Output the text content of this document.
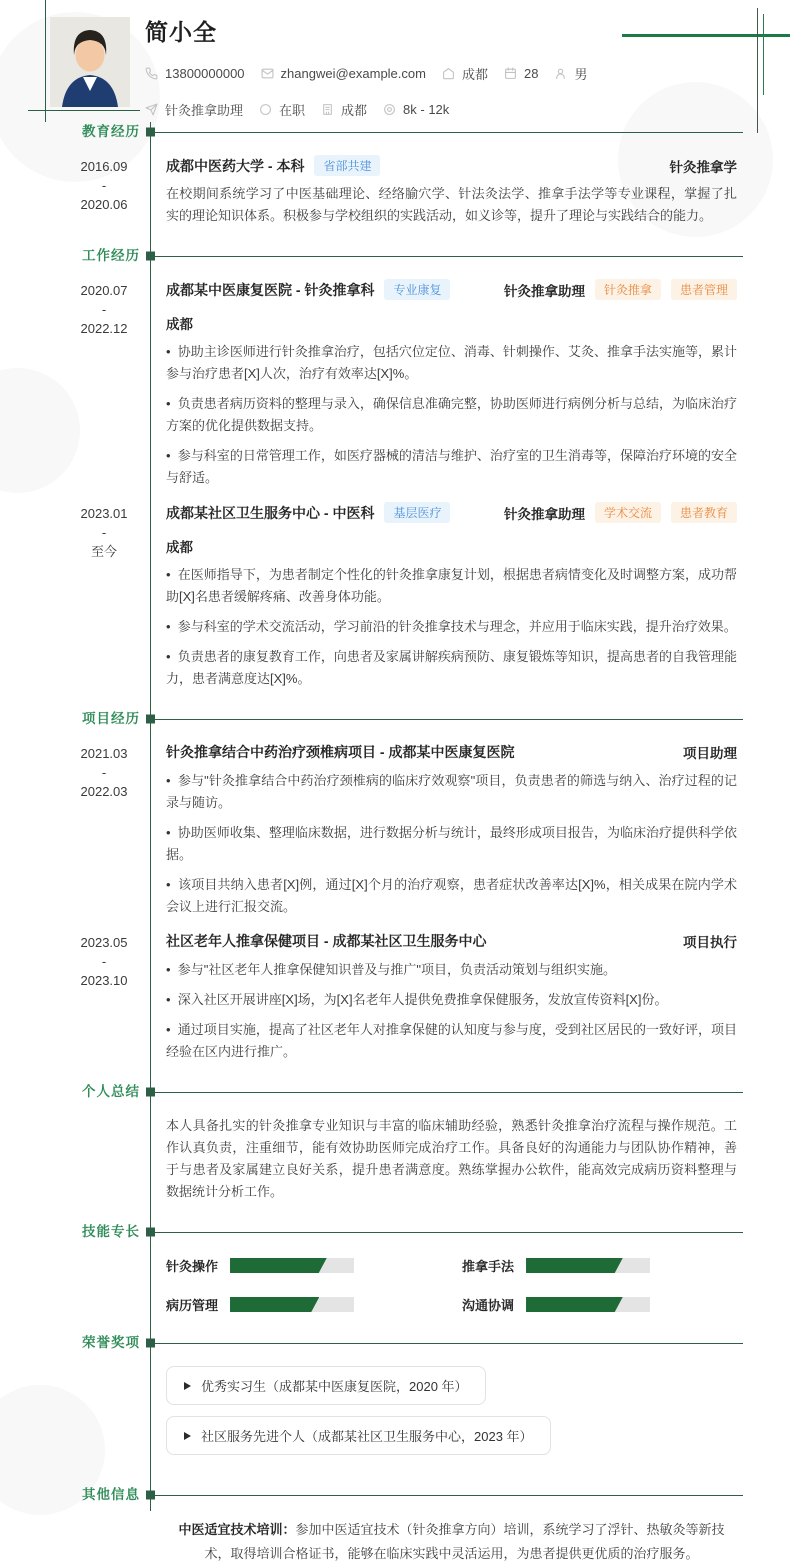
简小全
13800000000	zhangwei@example.com	成都	28	男
针灸推拿助理	在职	成都	8k - 12k
教育经历
2016.09
-
2020.06
成都中医药大学 - 本科	省部共建	针灸推拿学

在校期间系统学习了中医基础理论、经络腧穴学、针法灸法学、推拿手法学等专业课程，掌握了扎实的理论知识体系。积极参与学校组织的实践活动，如义诊等，提升了理论与实践结合的能力。

工作经历
2020.07
-
2022.12
成都某中医康复医院 - 针灸推拿科	专业康复	针灸推拿助理	针灸推拿	患者管理
成都

•  协助主诊医师进行针灸推拿治疗，包括穴位定位、消毒、针刺操作、艾灸、推拿手法实施等，累计参与治疗患者[X]人次，治疗有效率达[X]%。

•  负责患者病历资料的整理与录入，确保信息准确完整，协助医师进行病例分析与总结，为临床治疗方案的优化提供数据支持。

•  参与科室的日常管理工作，如医疗器械的清洁与维护、治疗室的卫生消毒等，保障治疗环境的安全与舒适。

2023.01
-
至今
成都某社区卫生服务中心 - 中医科	基层医疗	针灸推拿助理	学术交流	患者教育
成都

•  在医师指导下，为患者制定个性化的针灸推拿康复计划，根据患者病情变化及时调整方案，成功帮助[X]名患者缓解疼痛、改善身体功能。

•  参与科室的学术交流活动，学习前沿的针灸推拿技术与理念，并应用于临床实践，提升治疗效果。

•  负责患者的康复教育工作，向患者及家属讲解疾病预防、康复锻炼等知识，提高患者的自我管理能力，患者满意度达[X]%。

项目经历
2021.03
-
2022.03
针灸推拿结合中药治疗颈椎病项目 - 成都某中医康复医院	项目助理

•  参与"针灸推拿结合中药治疗颈椎病的临床疗效观察"项目，负责患者的筛选与纳入、治疗过程的记录与随访。

•  协助医师收集、整理临床数据，进行数据分析与统计，最终形成项目报告，为临床治疗提供科学依据。

•  该项目共纳入患者[X]例，通过[X]个月的治疗观察，患者症状改善率达[X]%，相关成果在院内学术会议上进行汇报交流。

2023.05
-
2023.10
社区老年人推拿保健项目 - 成都某社区卫生服务中心	项目执行

•  参与"社区老年人推拿保健知识普及与推广"项目，负责活动策划与组织实施。

•  深入社区开展讲座[X]场，为[X]名老年人提供免费推拿保健服务，发放宣传资料[X]份。

•  通过项目实施，提高了社区老年人对推拿保健的认知度与参与度，受到社区居民的一致好评，项目经验在区内进行推广。

个人总结

本人具备扎实的针灸推拿专业知识与丰富的临床辅助经验，熟悉针灸推拿治疗流程与操作规范。工作认真负责，注重细节，能有效协助医师完成治疗工作。具备良好的沟通能力与团队协作精神，善于与患者及家属建立良好关系，提升患者满意度。熟练掌握办公软件，能高效完成病历资料整理与数据统计分析工作。

技能专长
针灸操作	推拿手法
病历管理	沟通协调
荣誉奖项
优秀实习生（成都某中医康复医院，2020 年）
社区服务先进个人（成都某社区卫生服务中心，2023 年）
其他信息

中医适宜技术培训：参加中医适宜技术（针灸推拿方向）培训，系统学习了浮针、热敏灸等新技术，取得培训合格证书，能够在临床实践中灵活运用，为患者提供更优质的治疗服务。
